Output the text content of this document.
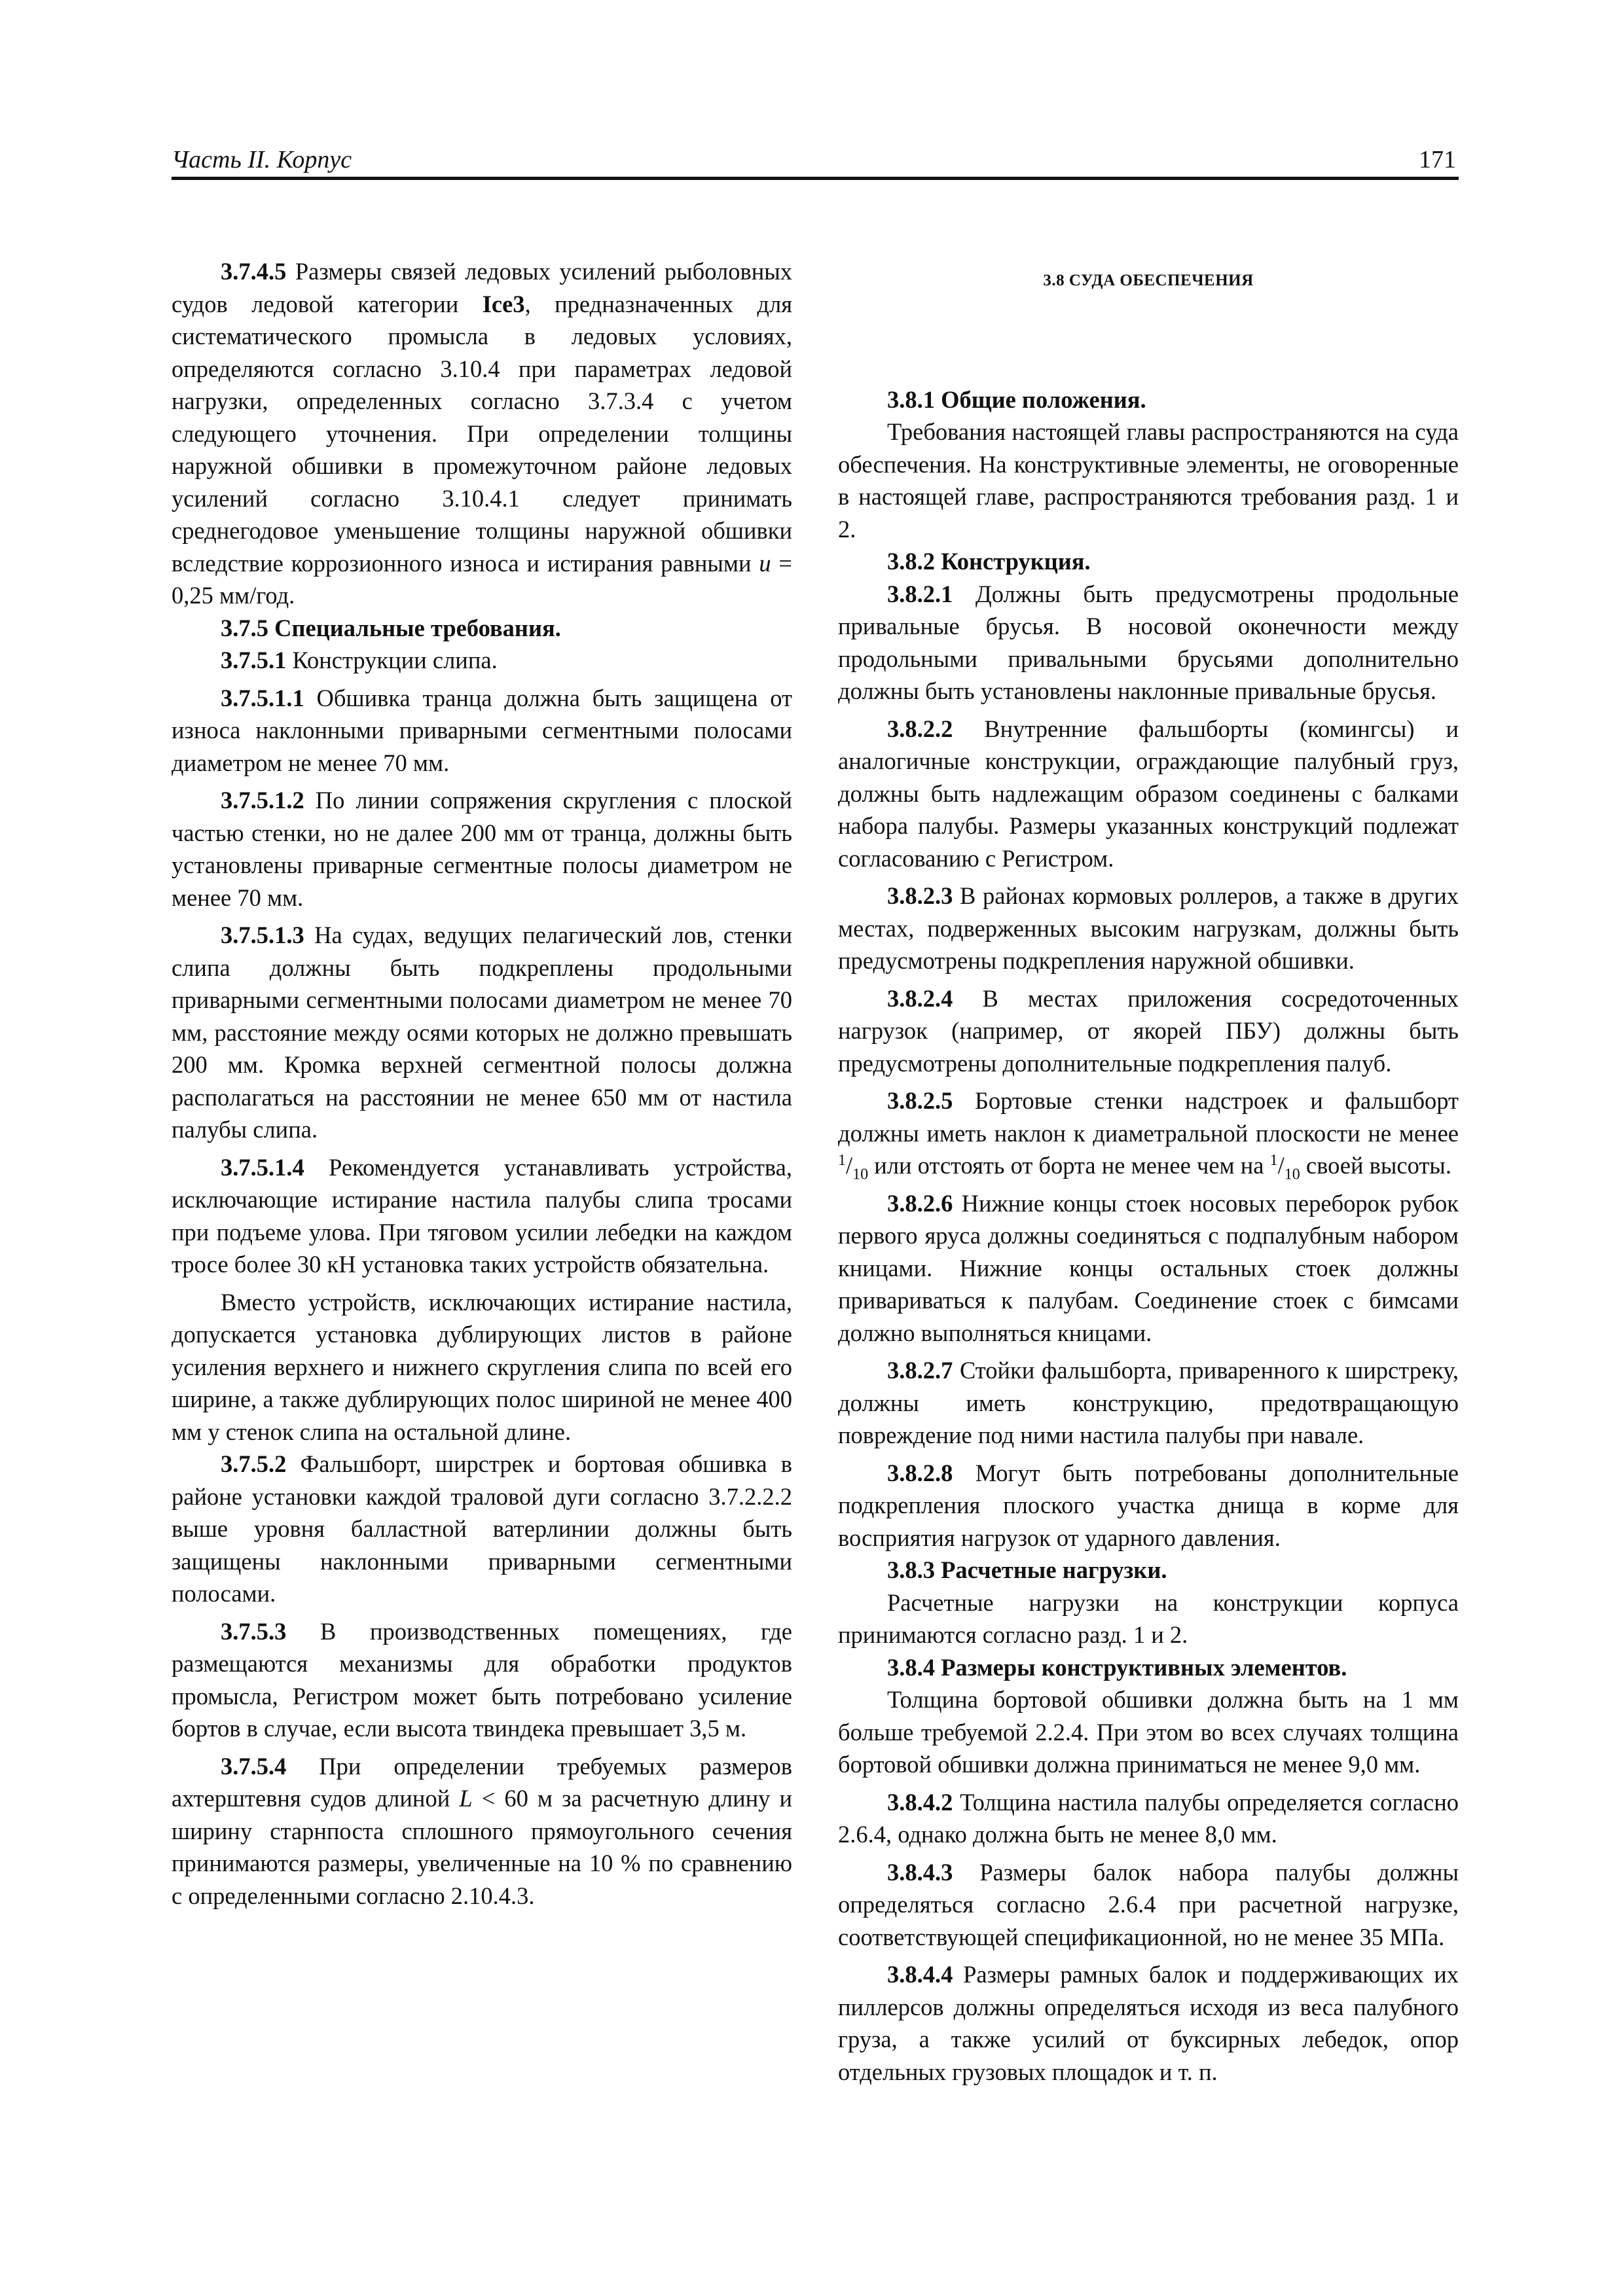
Часть II. Корпус	171

3.7.4.5 Размеры связей ледовых усилений рыболовных судов ледовой категории Ice3, предназначенных для систематического промысла в ледовых условиях, определяются согласно 3.10.4 при параметрах ледовой нагрузки, определенных согласно 3.7.3.4 с учетом следующего уточнения. При определении толщины наружной обшивки в промежуточном районе ледовых усилений согласно 3.10.4.1 следует принимать среднегодовое уменьшение толщины наружной обшивки вследствие коррозионного износа и истирания равными u = 0,25 мм/год.

3.7.5 Специальные требования.

3.7.5.1 Конструкции слипа.

3.7.5.1.1 Обшивка транца должна быть защищена от износа наклонными приварными сегментными полосами диаметром не менее 70 мм.

3.7.5.1.2 По линии сопряжения скругления с плоской частью стенки, но не далее 200 мм от транца, должны быть установлены приварные сегментные полосы диаметром не менее 70 мм.

3.7.5.1.3 На судах, ведущих пелагический лов, стенки слипа должны быть подкреплены продольными приварными сегментными полосами диаметром не менее 70 мм, расстояние между осями которых не должно превышать 200 мм. Кромка верхней сегментной полосы должна располагаться на расстоянии не менее 650 мм от настила палубы слипа.

3.7.5.1.4 Рекомендуется устанавливать устройства, исключающие истирание настила палубы слипа тросами при подъеме улова. При тяговом усилии лебедки на каждом тросе более 30 кН установка таких устройств обязательна.

Вместо устройств, исключающих истирание настила, допускается установка дублирующих листов в районе усиления верхнего и нижнего скругления слипа по всей его ширине, а также дублирующих полос шириной не менее 400 мм у стенок слипа на остальной длине.

3.7.5.2 Фальшборт, ширстрек и бортовая обшивка в районе установки каждой траловой дуги согласно 3.7.2.2.2 выше уровня балластной ватерлинии должны быть защищены наклонными приварными сегментными полосами.

3.7.5.3 В производственных помещениях, где размещаются механизмы для обработки продуктов промысла, Регистром может быть потребовано усиление бортов в случае, если высота твиндека превышает 3,5 м.

3.7.5.4 При определении требуемых размеров ахтерштевня судов длиной L < 60 м за расчетную длину и ширину старнпоста сплошного прямоугольного сечения принимаются размеры, увеличенные на 10 % по сравнению с определенными согласно 2.10.4.3.

3.8 СУДА ОБЕСПЕЧЕНИЯ

3.8.1 Общие положения.

Требования настоящей главы распространяются на суда обеспечения. На конструктивные элементы, не оговоренные в настоящей главе, распространяются требования разд. 1 и 2.

3.8.2 Конструкция.

3.8.2.1 Должны быть предусмотрены продольные привальные брусья. В носовой оконечности между продольными привальными брусьями дополнительно должны быть установлены наклонные привальные брусья.

3.8.2.2 Внутренние фальшборты (комингсы) и аналогичные конструкции, ограждающие палубный груз, должны быть надлежащим образом соединены с балками набора палубы. Размеры указанных конструкций подлежат согласованию с Регистром.

3.8.2.3 В районах кормовых роллеров, а также в других местах, подверженных высоким нагрузкам, должны быть предусмотрены подкрепления наружной обшивки.

3.8.2.4 В местах приложения сосредоточенных нагрузок (например, от якорей ПБУ) должны быть предусмотрены дополнительные подкрепления палуб.

3.8.2.5 Бортовые стенки надстроек и фальшборт должны иметь наклон к диаметральной плоскости не менее $^1/_{10}$ или отстоять от борта не менее чем на $^1/_{10}$ своей высоты.

3.8.2.6 Нижние концы стоек носовых переборок рубок первого яруса должны соединяться с подпалубным набором кницами. Нижние концы остальных стоек должны привариваться к палубам. Соединение стоек с бимсами должно выполняться кницами.

3.8.2.7 Стойки фальшборта, приваренного к ширстреку, должны иметь конструкцию, предотвращающую повреждение под ними настила палубы при навале.

3.8.2.8 Могут быть потребованы дополнительные подкрепления плоского участка днища в корме для восприятия нагрузок от ударного давления.

3.8.3 Расчетные нагрузки.

Расчетные нагрузки на конструкции корпуса принимаются согласно разд. 1 и 2.

3.8.4 Размеры конструктивных элементов.

Толщина бортовой обшивки должна быть на 1 мм больше требуемой 2.2.4. При этом во всех случаях толщина бортовой обшивки должна приниматься не менее 9,0 мм.

3.8.4.2 Толщина настила палубы определяется согласно 2.6.4, однако должна быть не менее 8,0 мм.

3.8.4.3 Размеры балок набора палубы должны определяться согласно 2.6.4 при расчетной нагрузке, соответствующей спецификационной, но не менее 35 МПа.

3.8.4.4 Размеры рамных балок и поддерживающих их пиллерсов должны определяться исходя из веса палубного груза, а также усилий от буксирных лебедок, опор отдельных грузовых площадок и т. п.
